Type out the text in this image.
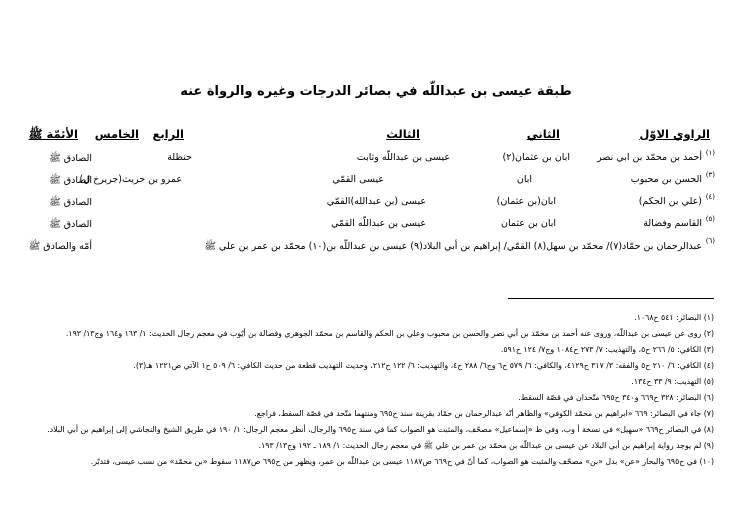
طبقة عيسى بن عبداللّه في بصائر الدرجات وغيره والرواة عنه
الراوي الاوّل
الثاني
الثالث
الرابع
الخامس
الأئمّة ﷺ
(١)
أحمد بن محمّد بن ابي نصر
ابان بن عثمان(٢)
عيسى بن عبداللّه وثابت
حنظلة
الصادق ﷺ
(٣)
الحسن بن محبوب
ابان
عيسى القمّي
عمرو بن حريث(جريرخ ل)
الصادق ﷺ
(٤)
(علي بن الحكم)
ابان(بن عثمان)
عيسى (بن عبدالله)القمّي
الصادق ﷺ
(٥)
القاسم وفضالة
ابان بن عثمان
عيسى بن عبداللّه القمّي
الصادق ﷺ
(٦)
عبدالرحمان بن حمّاد(٧)/ محمّد بن سهل(٨) القمّي/ إبراهيم بن أبي البلاد(٩) عيسى بن عبداللّه بن(١٠) محمّد بن عمر بن علي ﷺ
أمّه والصادق ﷺ
(١) البصائر: ٥٤١ ح١٠٦٨.
(٢) روى عن عيسى بن عبداللّه، وروى عنه أحمد بن محمّد بن أبي نصر والحسن بن محبوب وعلي بن الحكم والقاسم بن محمّد الجوهري وفضالة بن أيّوب في معجم رجال الحديث: ١/ ١٦٣ و١٦٤ وج١٣/ ١٩٣.
(٣) الكافي: ٥/ ٢٦٦ ح٥، والتهذيب: ٧/ ٢٧٣ ح١٠٨٤ وج٧/ ١٢٤ ح٥٩١.
(٤) الكافي: ٦/ ٢١٠ ح٥ والفقه: ٣/ ٣١٧ ح٤١٢٩، والكافي: ٦/ ٥٧٩ ح٦ وج٦/ ٢٨٨ ح٤، والتهذيب: ٦/ ١٢٢ ح٢١٢، وحديث التهذيب قطعة من حديث الكافي: ٦/ ٥٠٩ ح١ الآتي ص١٢٢١ هـ(٣).
(٥) التهذيب: ٩/ ٣٣ ح١٣٤.
(٦) البصائر: ٣٢٨ ح٦٦٩ و٣٤٠ ح٦٩٥ متّحدان في قصّة السقط.
(٧) جاء في البصائر: ٦٦٩ «ابراهيم بن محمّد الكوفي» والظاهر أنّه عبدالرحمان بن حمّاد بقرينة سند ح٦٩٥ ومنتهما متّحد في قصّة السقط، فراجع.
(٨) في البصائر ح٦٦٩ «سهيل» في نسخة أ وب، وفي ط «إسماعيل» مصحّف، والمثبت هو الصواب كما في سند ح٦٩٥ والرجال، أنظر معجم الرجال: ١/ ١٩٠ في طريق الشيخ والنجاشي إلى إبراهيم بن أبي البلاد.
(٩) لم يوجد رواية إبراهيم بن أبي البلاد عن عيسى بن عبداللّه بن محمّد بن عمر بن علي ﷺ في معجم رجال الحديث: ١/ ١٨٩ ـ ١٩٢ وج١٣/ ١٩٣.
(١٠) في ح٦٩٥ والبحار «عن» بدل «بن» مصحّف والمثبت هو الصواب، كما أنّ في ح٦٦٩ ص١١٨٧ عيسى بن عبداللّه بن عمر، ويظهر من ح٦٩٥ ص١١٨٧ سقوط «بن محمّد» من نسب عيسى، فتدبّر.
